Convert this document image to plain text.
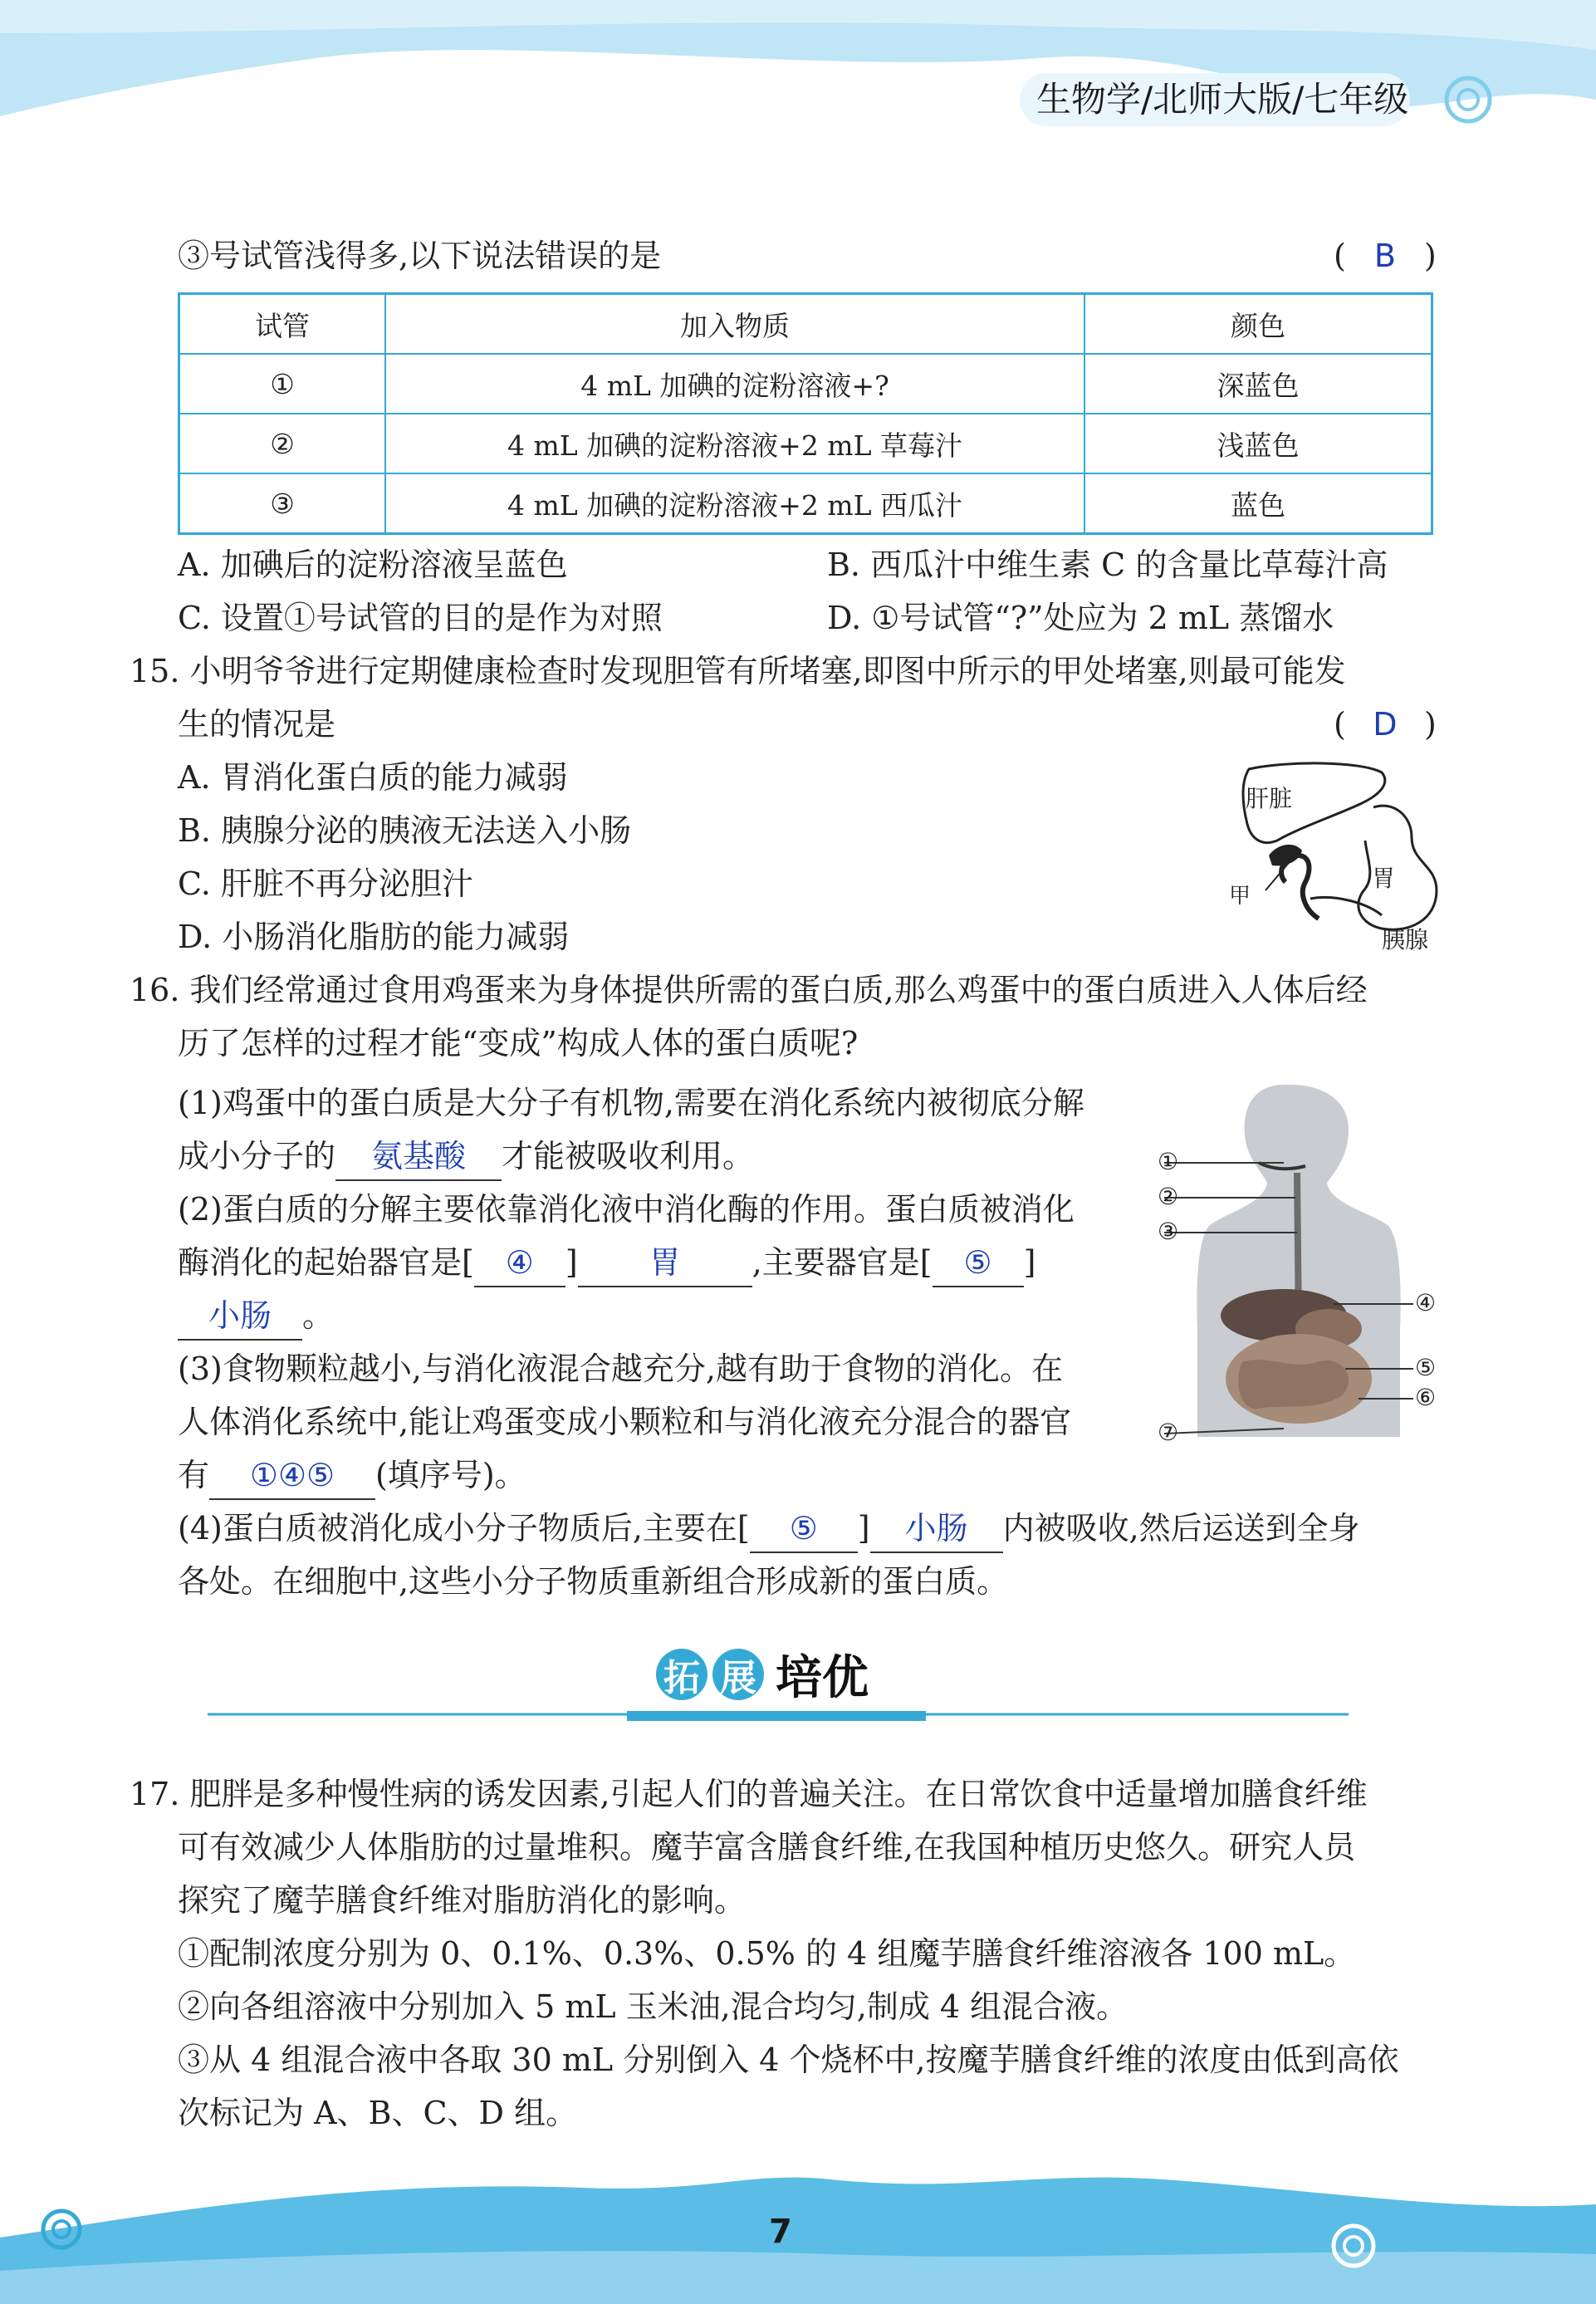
生物学/北师大版/七年级
③号试管浅得多,以下说法错误的是	( B )
试管	加入物质	颜色
①	4 mL 加碘的淀粉溶液+?	深蓝色
②	4 mL 加碘的淀粉溶液+2 mL 草莓汁	浅蓝色
③	4 mL 加碘的淀粉溶液+2 mL 西瓜汁	蓝色
A. 加碘后的淀粉溶液呈蓝色	B. 西瓜汁中维生素 C 的含量比草莓汁高
C. 设置①号试管的目的是作为对照	D. ①号试管“?”处应为 2 mL 蒸馏水
15. 小明爷爷进行定期健康检查时发现胆管有所堵塞,即图中所示的甲处堵塞,则最可能发
生的情况是	( D )
A. 胃消化蛋白质的能力减弱
B. 胰腺分泌的胰液无法送入小肠
C. 肝脏不再分泌胆汁
D. 小肠消化脂肪的能力减弱
肝脏
胃
甲
胰腺
16. 我们经常通过食用鸡蛋来为身体提供所需的蛋白质,那么鸡蛋中的蛋白质进入人体后经
历了怎样的过程才能“变成”构成人体的蛋白质呢?
(1)鸡蛋中的蛋白质是大分子有机物,需要在消化系统内被彻底分解
成小分子的 氨基酸 才能被吸收利用。
(2)蛋白质的分解主要依靠消化液中消化酶的作用。蛋白质被消化
酶消化的起始器官是[ ④ ] 胃 ,主要器官是[ ⑤ ]
小肠 。
(3)食物颗粒越小,与消化液混合越充分,越有助于食物的消化。在
人体消化系统中,能让鸡蛋变成小颗粒和与消化液充分混合的器官
有 ①④⑤ (填序号)。
(4)蛋白质被消化成小分子物质后,主要在[ ⑤ ] 小肠 内被吸收,然后运送到全身
各处。在细胞中,这些小分子物质重新组合形成新的蛋白质。
①
②
③
④
⑤
⑥
⑦
拓 展 培优
17. 肥胖是多种慢性病的诱发因素,引起人们的普遍关注。在日常饮食中适量增加膳食纤维
可有效减少人体脂肪的过量堆积。魔芋富含膳食纤维,在我国种植历史悠久。研究人员
探究了魔芋膳食纤维对脂肪消化的影响。
①配制浓度分别为 0、0.1%、0.3%、0.5% 的 4 组魔芋膳食纤维溶液各 100 mL。
②向各组溶液中分别加入 5 mL 玉米油,混合均匀,制成 4 组混合液。
③从 4 组混合液中各取 30 mL 分别倒入 4 个烧杯中,按魔芋膳食纤维的浓度由低到高依
次标记为 A、B、C、D 组。
7
